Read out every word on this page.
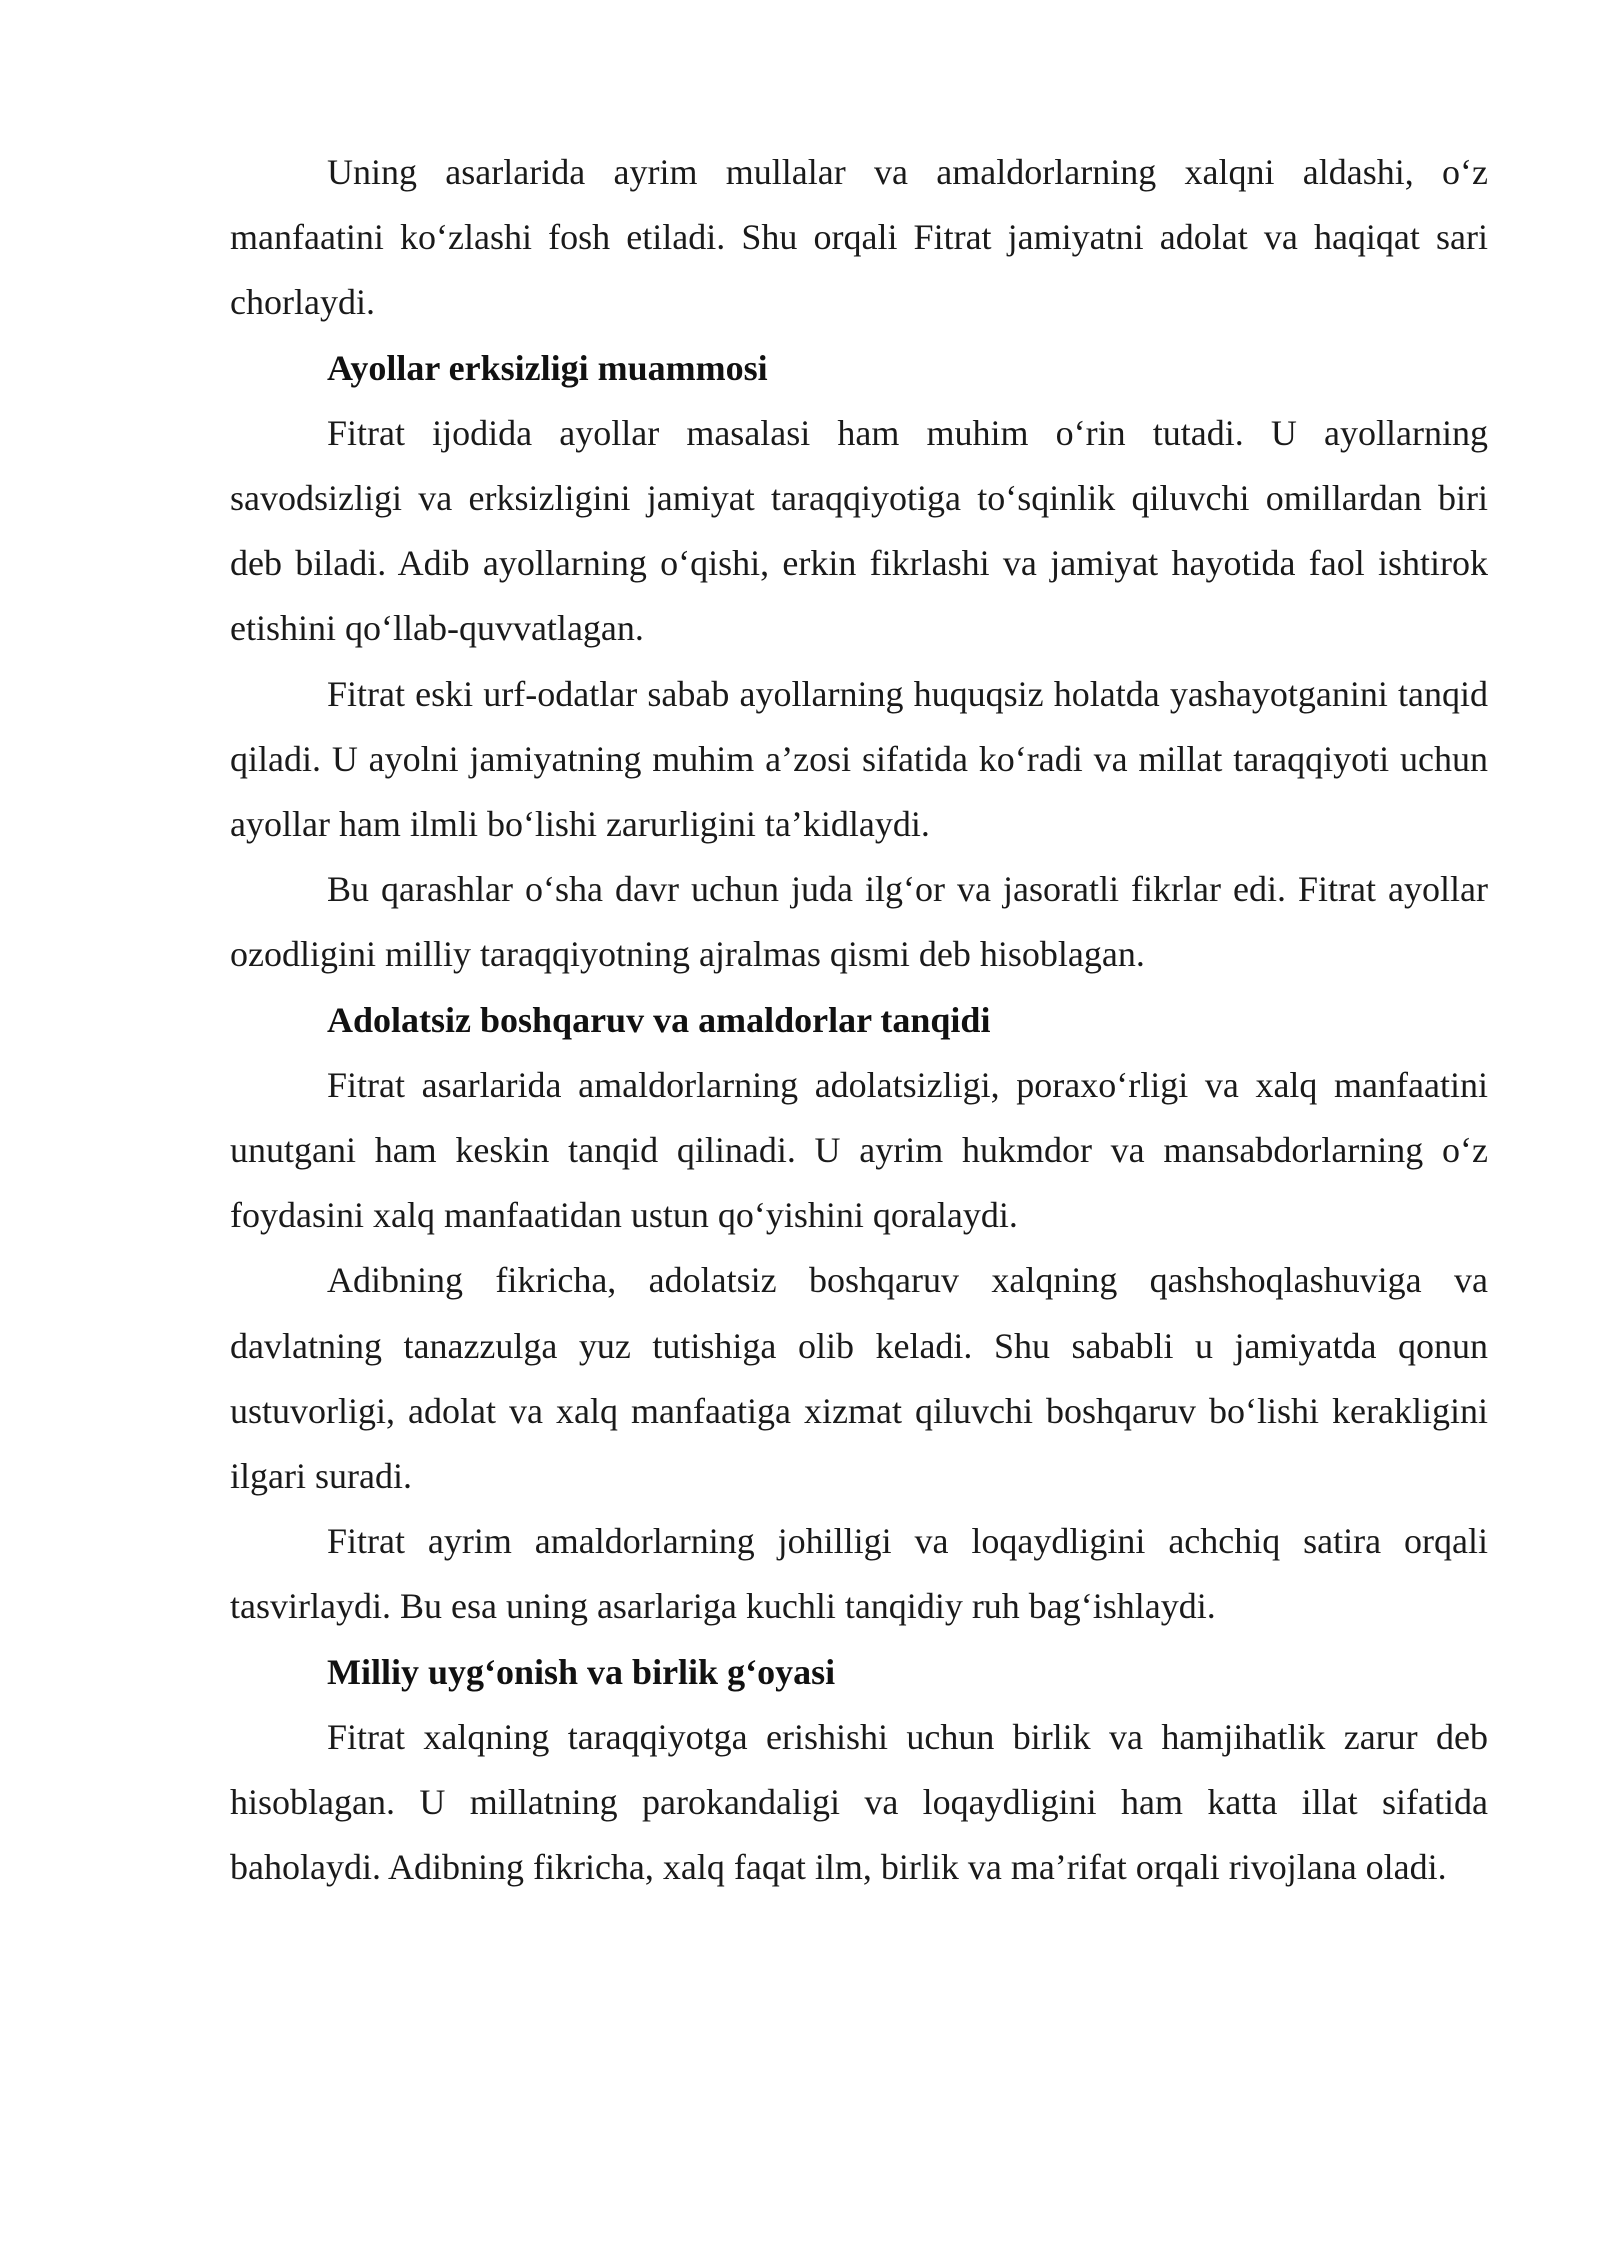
Uning asarlarida ayrim mullalar va amaldorlarning xalqni aldashi, o‘z manfaatini ko‘zlashi fosh etiladi. Shu orqali Fitrat jamiyatni adolat va haqiqat sari chorlaydi.

Ayollar erksizligi muammosi

Fitrat ijodida ayollar masalasi ham muhim o‘rin tutadi. U ayollarning savodsizligi va erksizligini jamiyat taraqqiyotiga to‘sqinlik qiluvchi omillardan biri deb biladi. Adib ayollarning o‘qishi, erkin fikrlashi va jamiyat hayotida faol ishtirok etishini qo‘llab-quvvatlagan.

Fitrat eski urf-odatlar sabab ayollarning huquqsiz holatda yashayotganini tanqid qiladi. U ayolni jamiyatning muhim a’zosi sifatida ko‘radi va millat taraqqiyoti uchun ayollar ham ilmli bo‘lishi zarurligini ta’kidlaydi.

Bu qarashlar o‘sha davr uchun juda ilg‘or va jasoratli fikrlar edi. Fitrat ayollar ozodligini milliy taraqqiyotning ajralmas qismi deb hisoblagan.

Adolatsiz boshqaruv va amaldorlar tanqidi

Fitrat asarlarida amaldorlarning adolatsizligi, poraxo‘rligi va xalq manfaatini unutgani ham keskin tanqid qilinadi. U ayrim hukmdor va mansabdorlarning o‘z foydasini xalq manfaatidan ustun qo‘yishini qoralaydi.

Adibning fikricha, adolatsiz boshqaruv xalqning qashshoqlashuviga va davlatning tanazzulga yuz tutishiga olib keladi. Shu sababli u jamiyatda qonun ustuvorligi, adolat va xalq manfaatiga xizmat qiluvchi boshqaruv bo‘lishi kerakligini ilgari suradi.

Fitrat ayrim amaldorlarning johilligi va loqaydligini achchiq satira orqali tasvirlaydi. Bu esa uning asarlariga kuchli tanqidiy ruh bag‘ishlaydi.

Milliy uyg‘onish va birlik g‘oyasi

Fitrat xalqning taraqqiyotga erishishi uchun birlik va hamjihatlik zarur deb hisoblagan. U millatning parokandaligi va loqaydligini ham katta illat sifatida baholaydi. Adibning fikricha, xalq faqat ilm, birlik va ma’rifat orqali rivojlana oladi.
